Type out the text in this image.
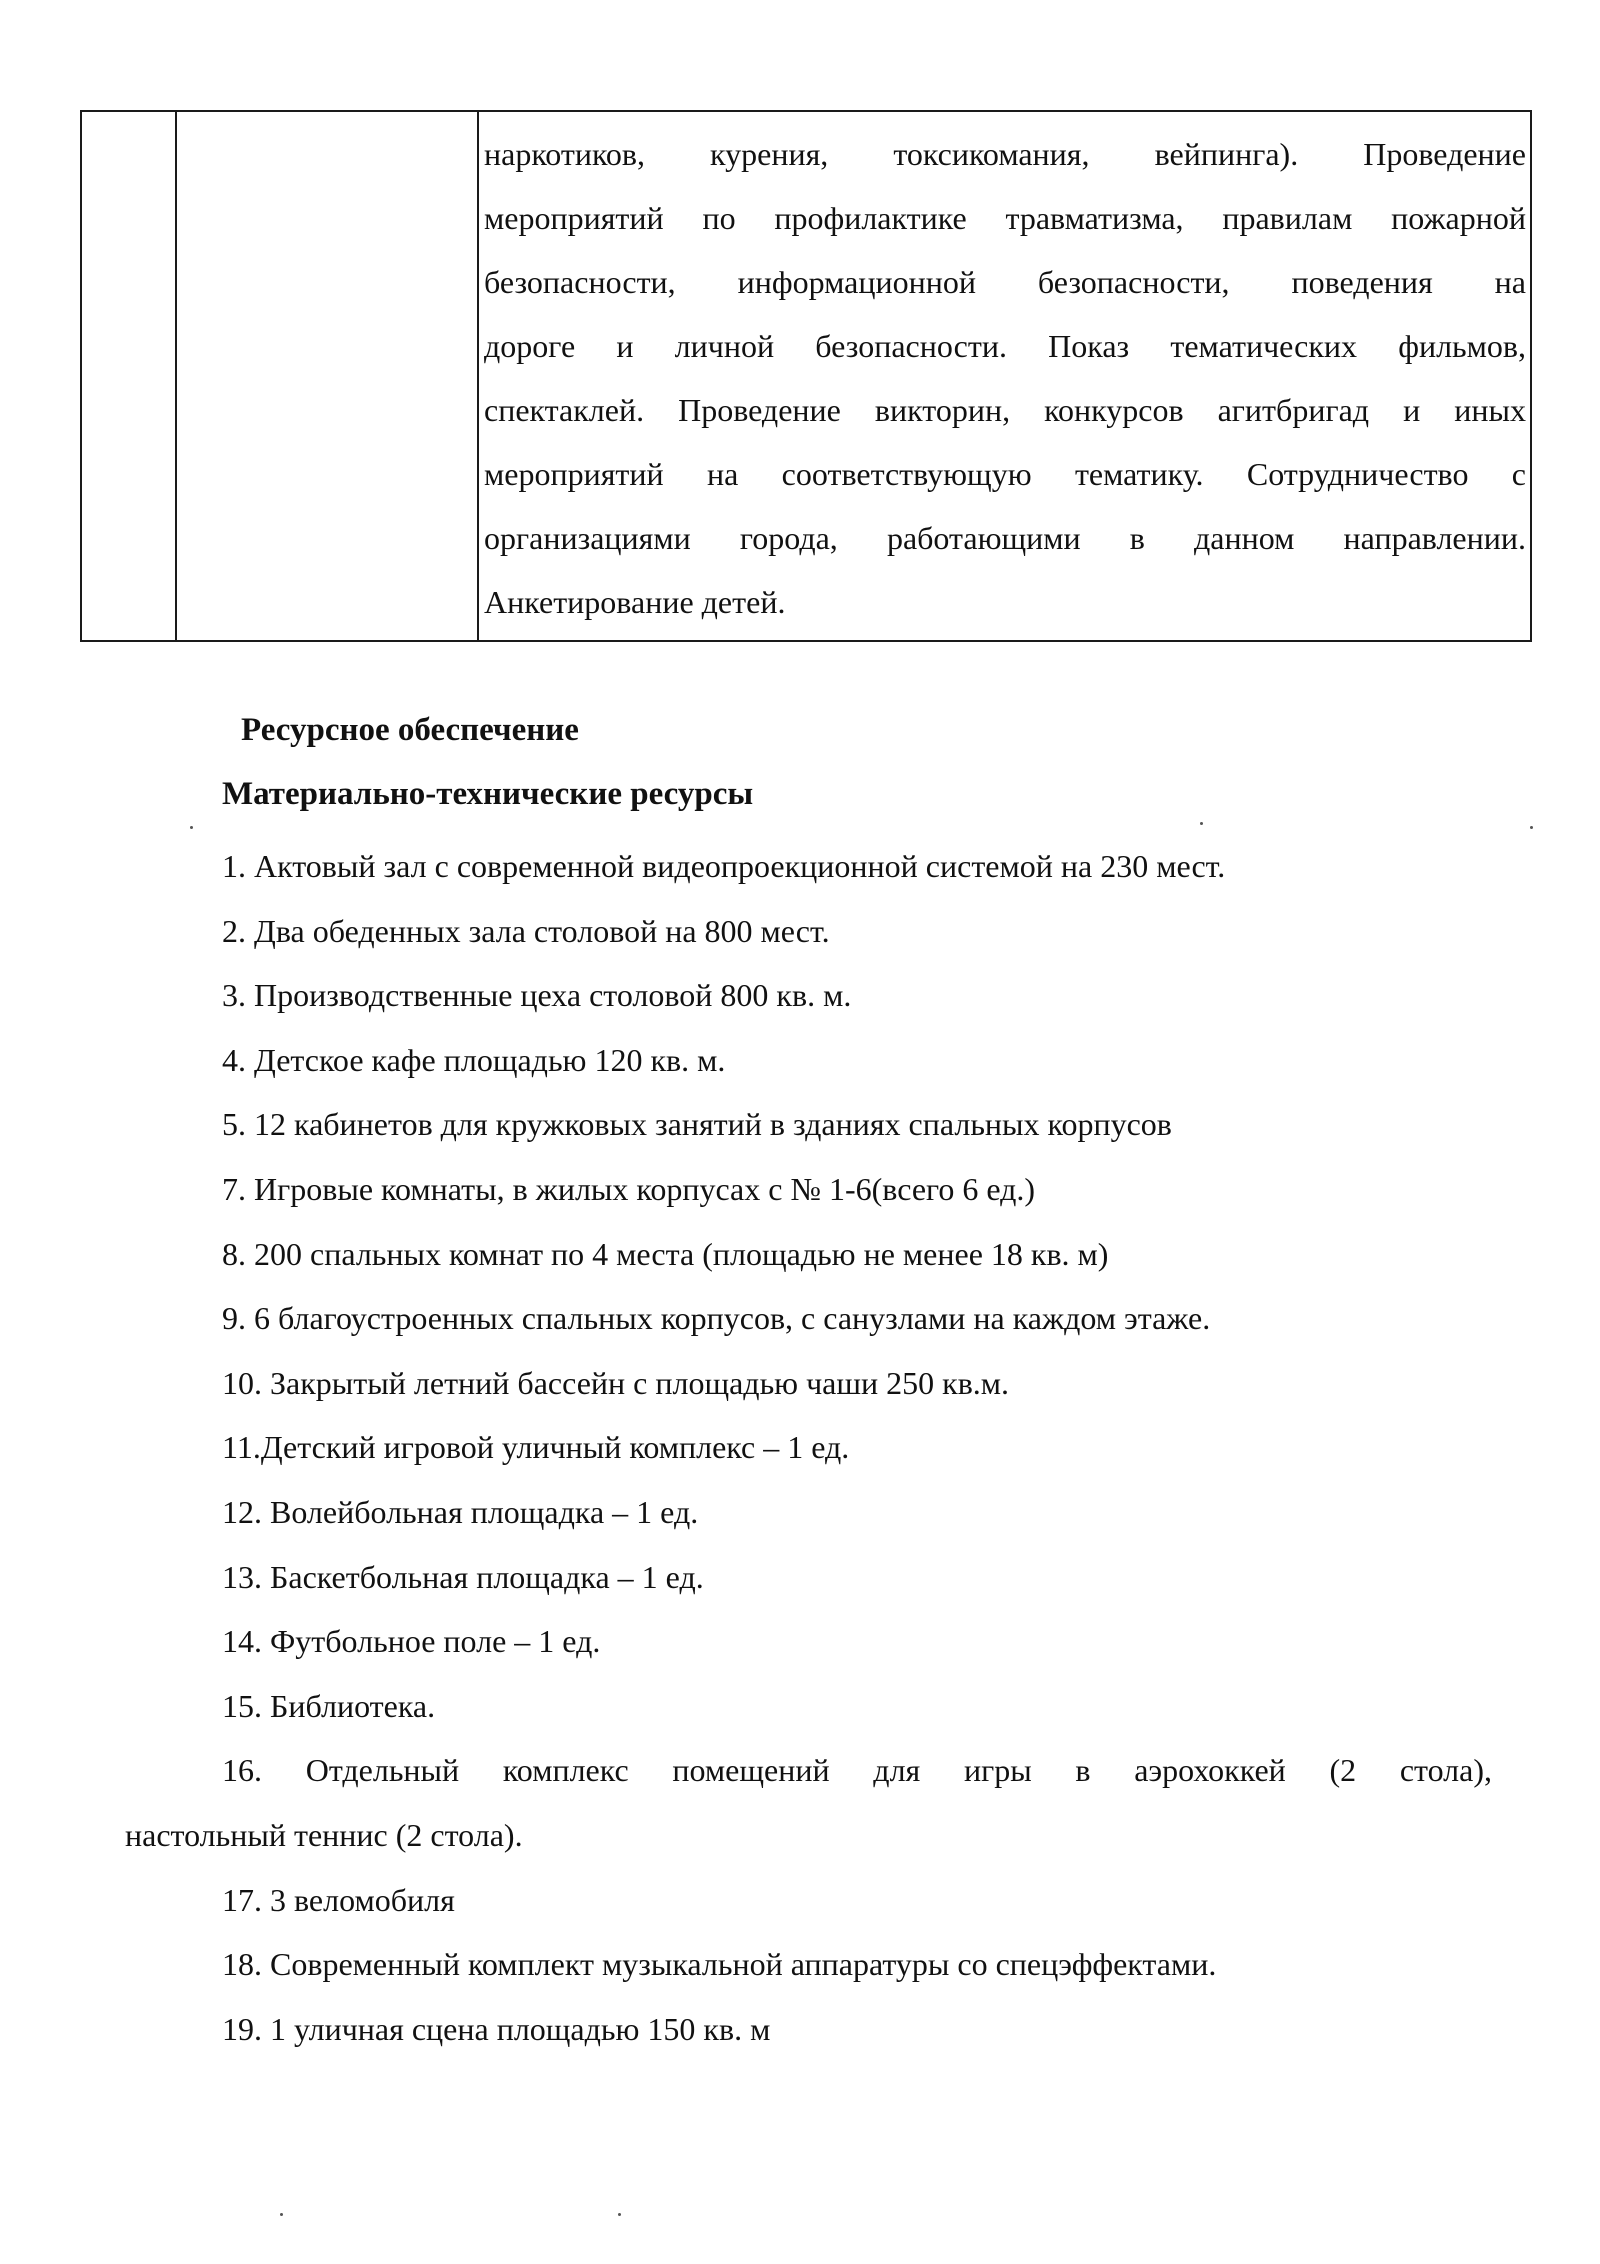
наркотиков, курения, токсикомания, вейпинга). Проведение
мероприятий по профилактике травматизма, правилам пожарной
безопасности, информационной безопасности, поведения на
дороге и личной безопасности. Показ тематических фильмов,
спектаклей. Проведение викторин, конкурсов агитбригад и иных
мероприятий на соответствующую тематику. Сотрудничество с
организациями города, работающими в данном направлении.
Анкетирование детей.
Ресурсное обеспечение
Материально-технические ресурсы
1. Актовый зал с современной видеопроекционной системой на 230 мест.
2. Два обеденных зала столовой на 800 мест.
3. Производственные цеха столовой 800 кв. м.
4. Детское кафе площадью 120 кв. м.
5. 12 кабинетов для кружковых занятий в зданиях спальных корпусов
7. Игровые комнаты, в жилых корпусах с № 1-6(всего 6 ед.)
8. 200 спальных комнат по 4 места (площадью не менее 18 кв. м)
9. 6 благоустроенных спальных корпусов, с санузлами на каждом этаже.
10. Закрытый летний бассейн с площадью чаши 250 кв.м.
11.Детский игровой уличный комплекс – 1 ед.
12. Волейбольная площадка – 1 ед.
13. Баскетбольная площадка – 1 ед.
14. Футбольное поле – 1 ед.
15. Библиотека.
16. Отдельный комплекс помещений для игры в аэрохоккей (2 стола),
настольный теннис (2 стола).
17. 3 веломобиля
18. Современный комплект музыкальной аппаратуры со спецэффектами.
19. 1 уличная сцена площадью 150 кв. м
